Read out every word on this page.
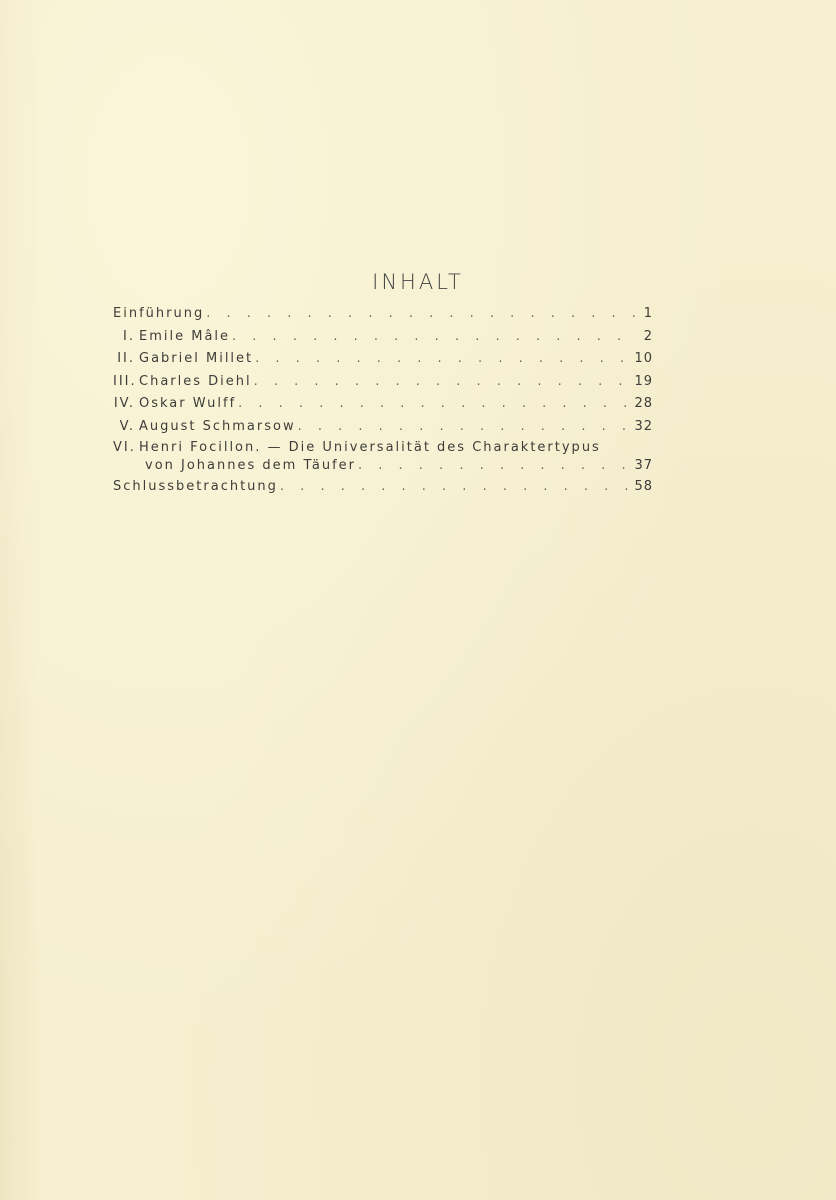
INHALT
Einführung . . .	1
I. Emile Mâle . . .	2
II. Gabriel Millet . . .	10
III. Charles Diehl . . .	19
IV. Oskar Wulff . . .	28
V. August Schmarsow . . .	32
VI. Henri Focillon. — Die Universalität des Charaktertypus
von Johannes dem Täufer . . .	37
Schlussbetrachtung . . .	58
